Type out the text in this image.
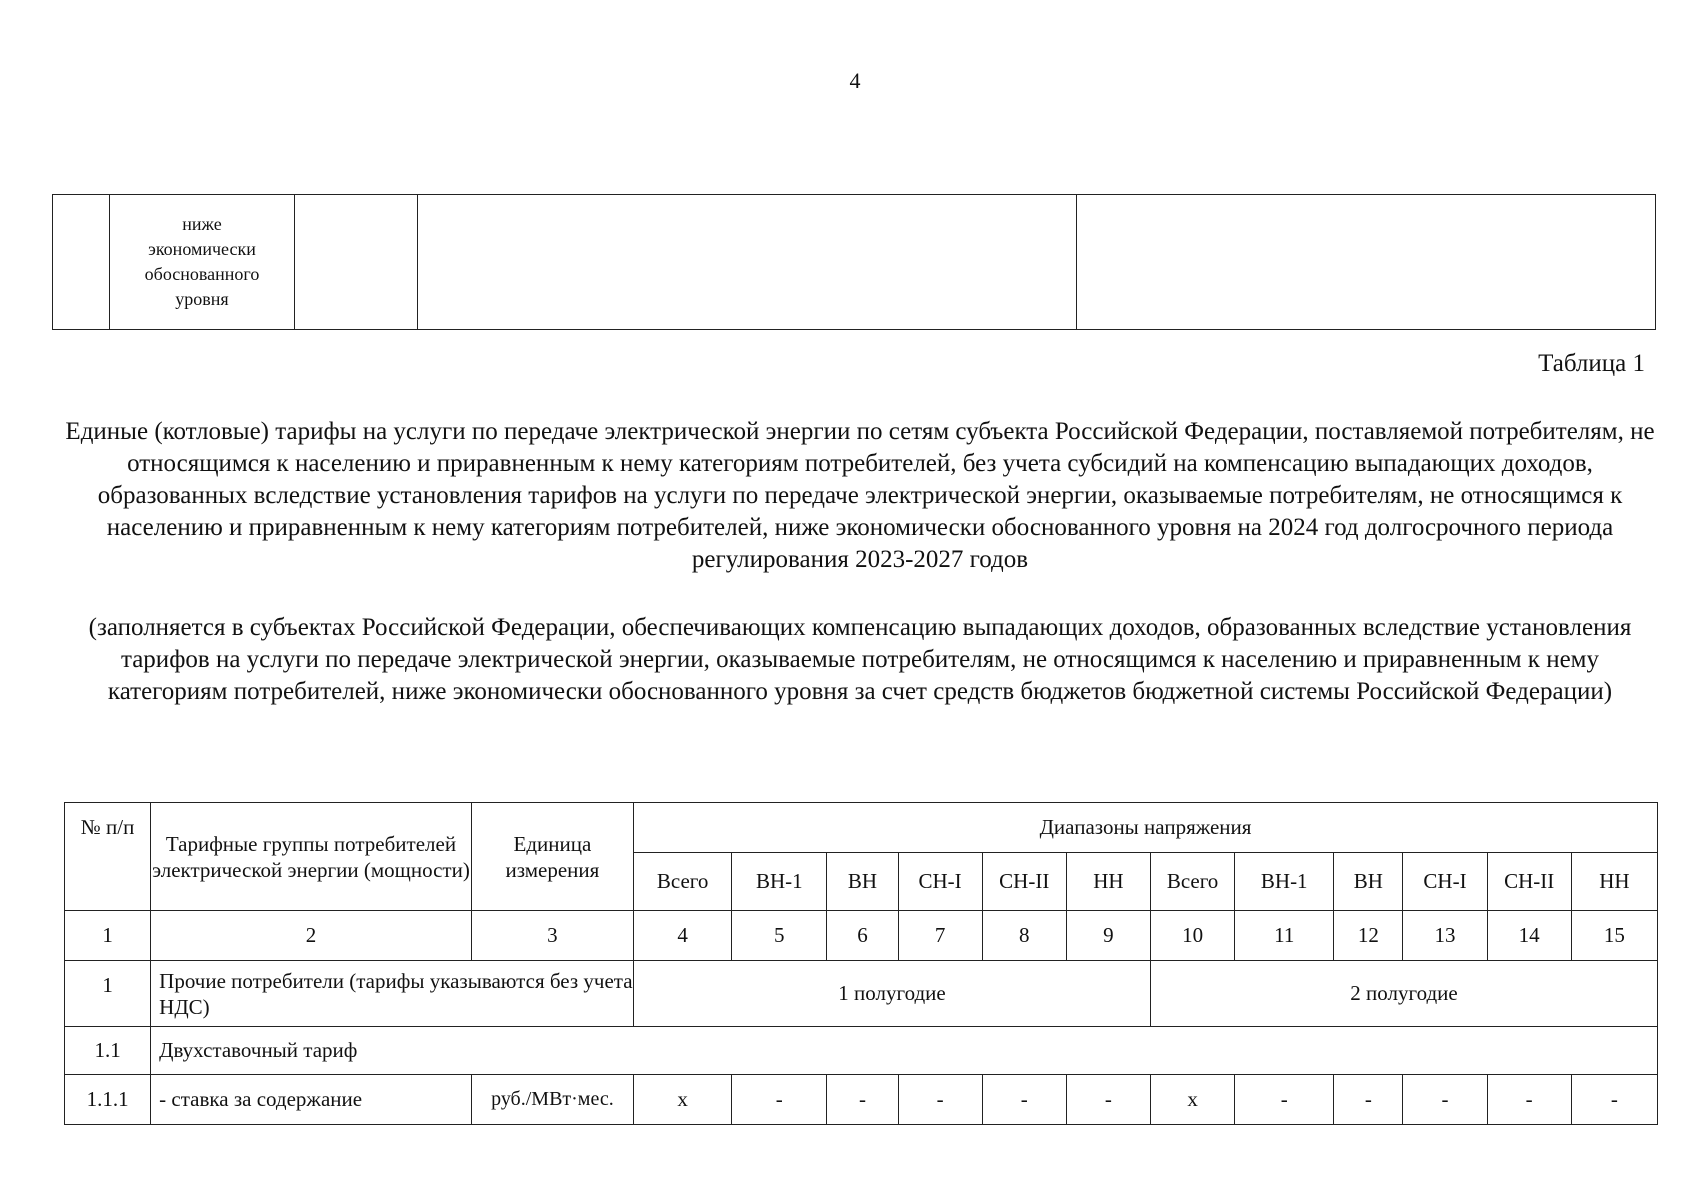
4

ниже
экономически
обоснованного
уровня

Таблица 1
Единые (котловые) тарифы на услуги по передаче электрической энергии по сетям субъекта Российской Федерации, поставляемой потребителям, не относящимся к населению и приравненным к нему категориям потребителей, без учета субсидий на компенсацию выпадающих доходов, образованных вследствие установления тарифов на услуги по передаче электрической энергии, оказываемые потребителям, не относящимся к населению и приравненным к нему категориям потребителей, ниже экономически обоснованного уровня на 2024 год долгосрочного периода регулирования 2023-2027 годов
(заполняется в субъектах Российской Федерации, обеспечивающих компенсацию выпадающих доходов, образованных вследствие установления тарифов на услуги по передаче электрической энергии, оказываемые потребителям, не относящимся к населению и приравненным к нему категориям потребителей, ниже экономически обоснованного уровня за счет средств бюджетов бюджетной системы Российской Федерации)
№ п/п	Тарифные группы потребителей электрической энергии (мощности)	Единица измерения	Диапазоны напряжения											
			Всего	ВН-1	ВН	СН-I	СН-II	НН	Всего	ВН-1	ВН	СН-I	СН-II	НН
1	2	3	4	5	6	7	8	9	10	11	12	13	14	15
1	Прочие потребители (тарифы указываются без учета НДС)		1 полугодие						2 полугодие					
1.1	Двухставочный тариф													
1.1.1	- ставка за содержание	руб./МВт·мес.	x	-	-	-	-	-	x	-	-	-	-	-
